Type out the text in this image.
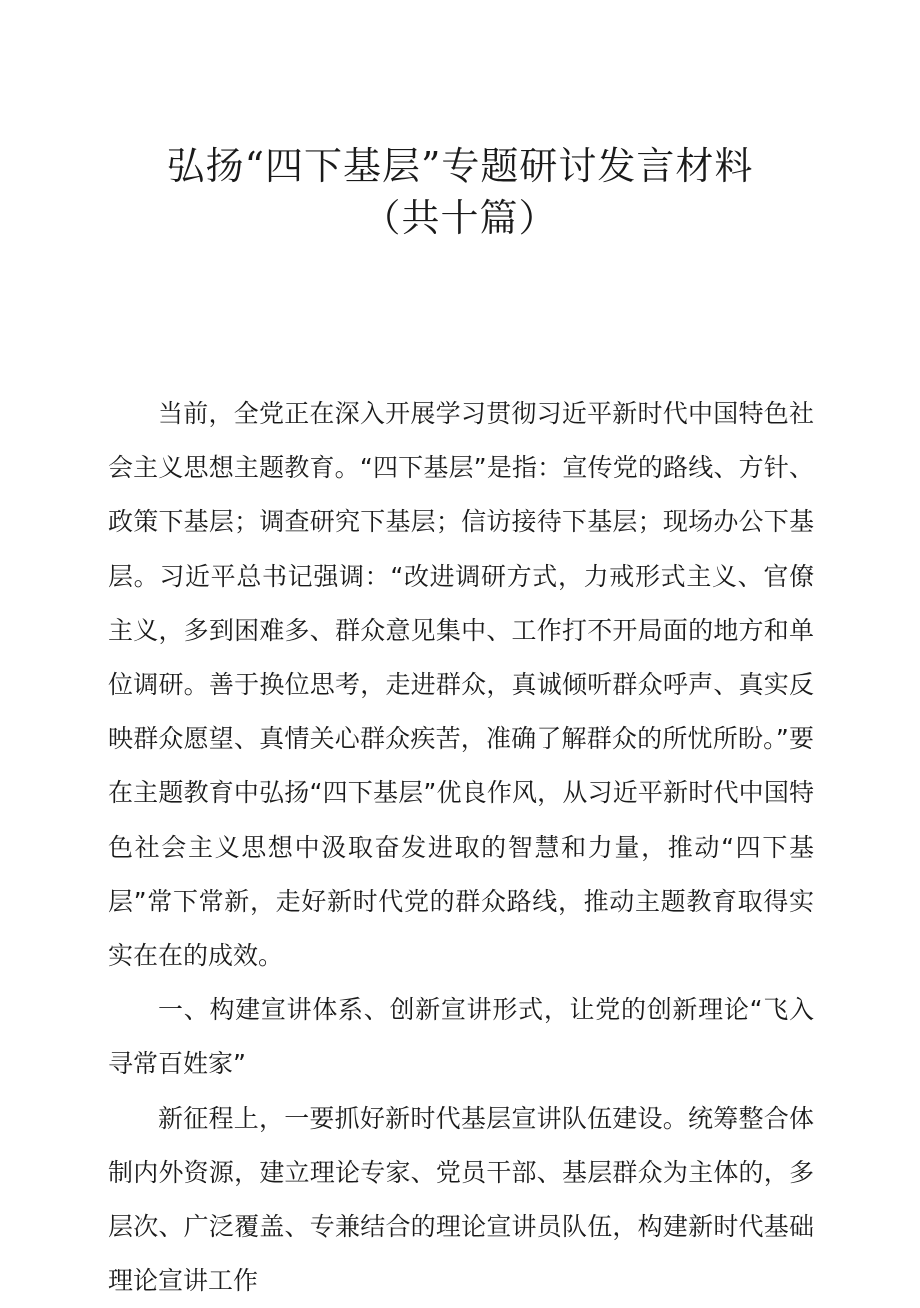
弘扬“四下基层”专题研讨发言材料
（共十篇）

当前，全党正在深入开展学习贯彻习近平新时代中国特色社会主义思想主题教育。“四下基层”是指：宣传党的路线、方针、政策下基层；调查研究下基层；信访接待下基层；现场办公下基层。习近平总书记强调：“改进调研方式，力戒形式主义、官僚主义，多到困难多、群众意见集中、工作打不开局面的地方和单位调研。善于换位思考，走进群众，真诚倾听群众呼声、真实反映群众愿望、真情关心群众疾苦，准确了解群众的所忧所盼。”要在主题教育中弘扬“四下基层”优良作风，从习近平新时代中国特色社会主义思想中汲取奋发进取的智慧和力量，推动“四下基层”常下常新，走好新时代党的群众路线，推动主题教育取得实实在在的成效。

一、构建宣讲体系、创新宣讲形式，让党的创新理论“飞入寻常百姓家”

新征程上，一要抓好新时代基层宣讲队伍建设。统筹整合体制内外资源，建立理论专家、党员干部、基层群众为主体的，多层次、广泛覆盖、专兼结合的理论宣讲员队伍，构建新时代基础理论宣讲工作
